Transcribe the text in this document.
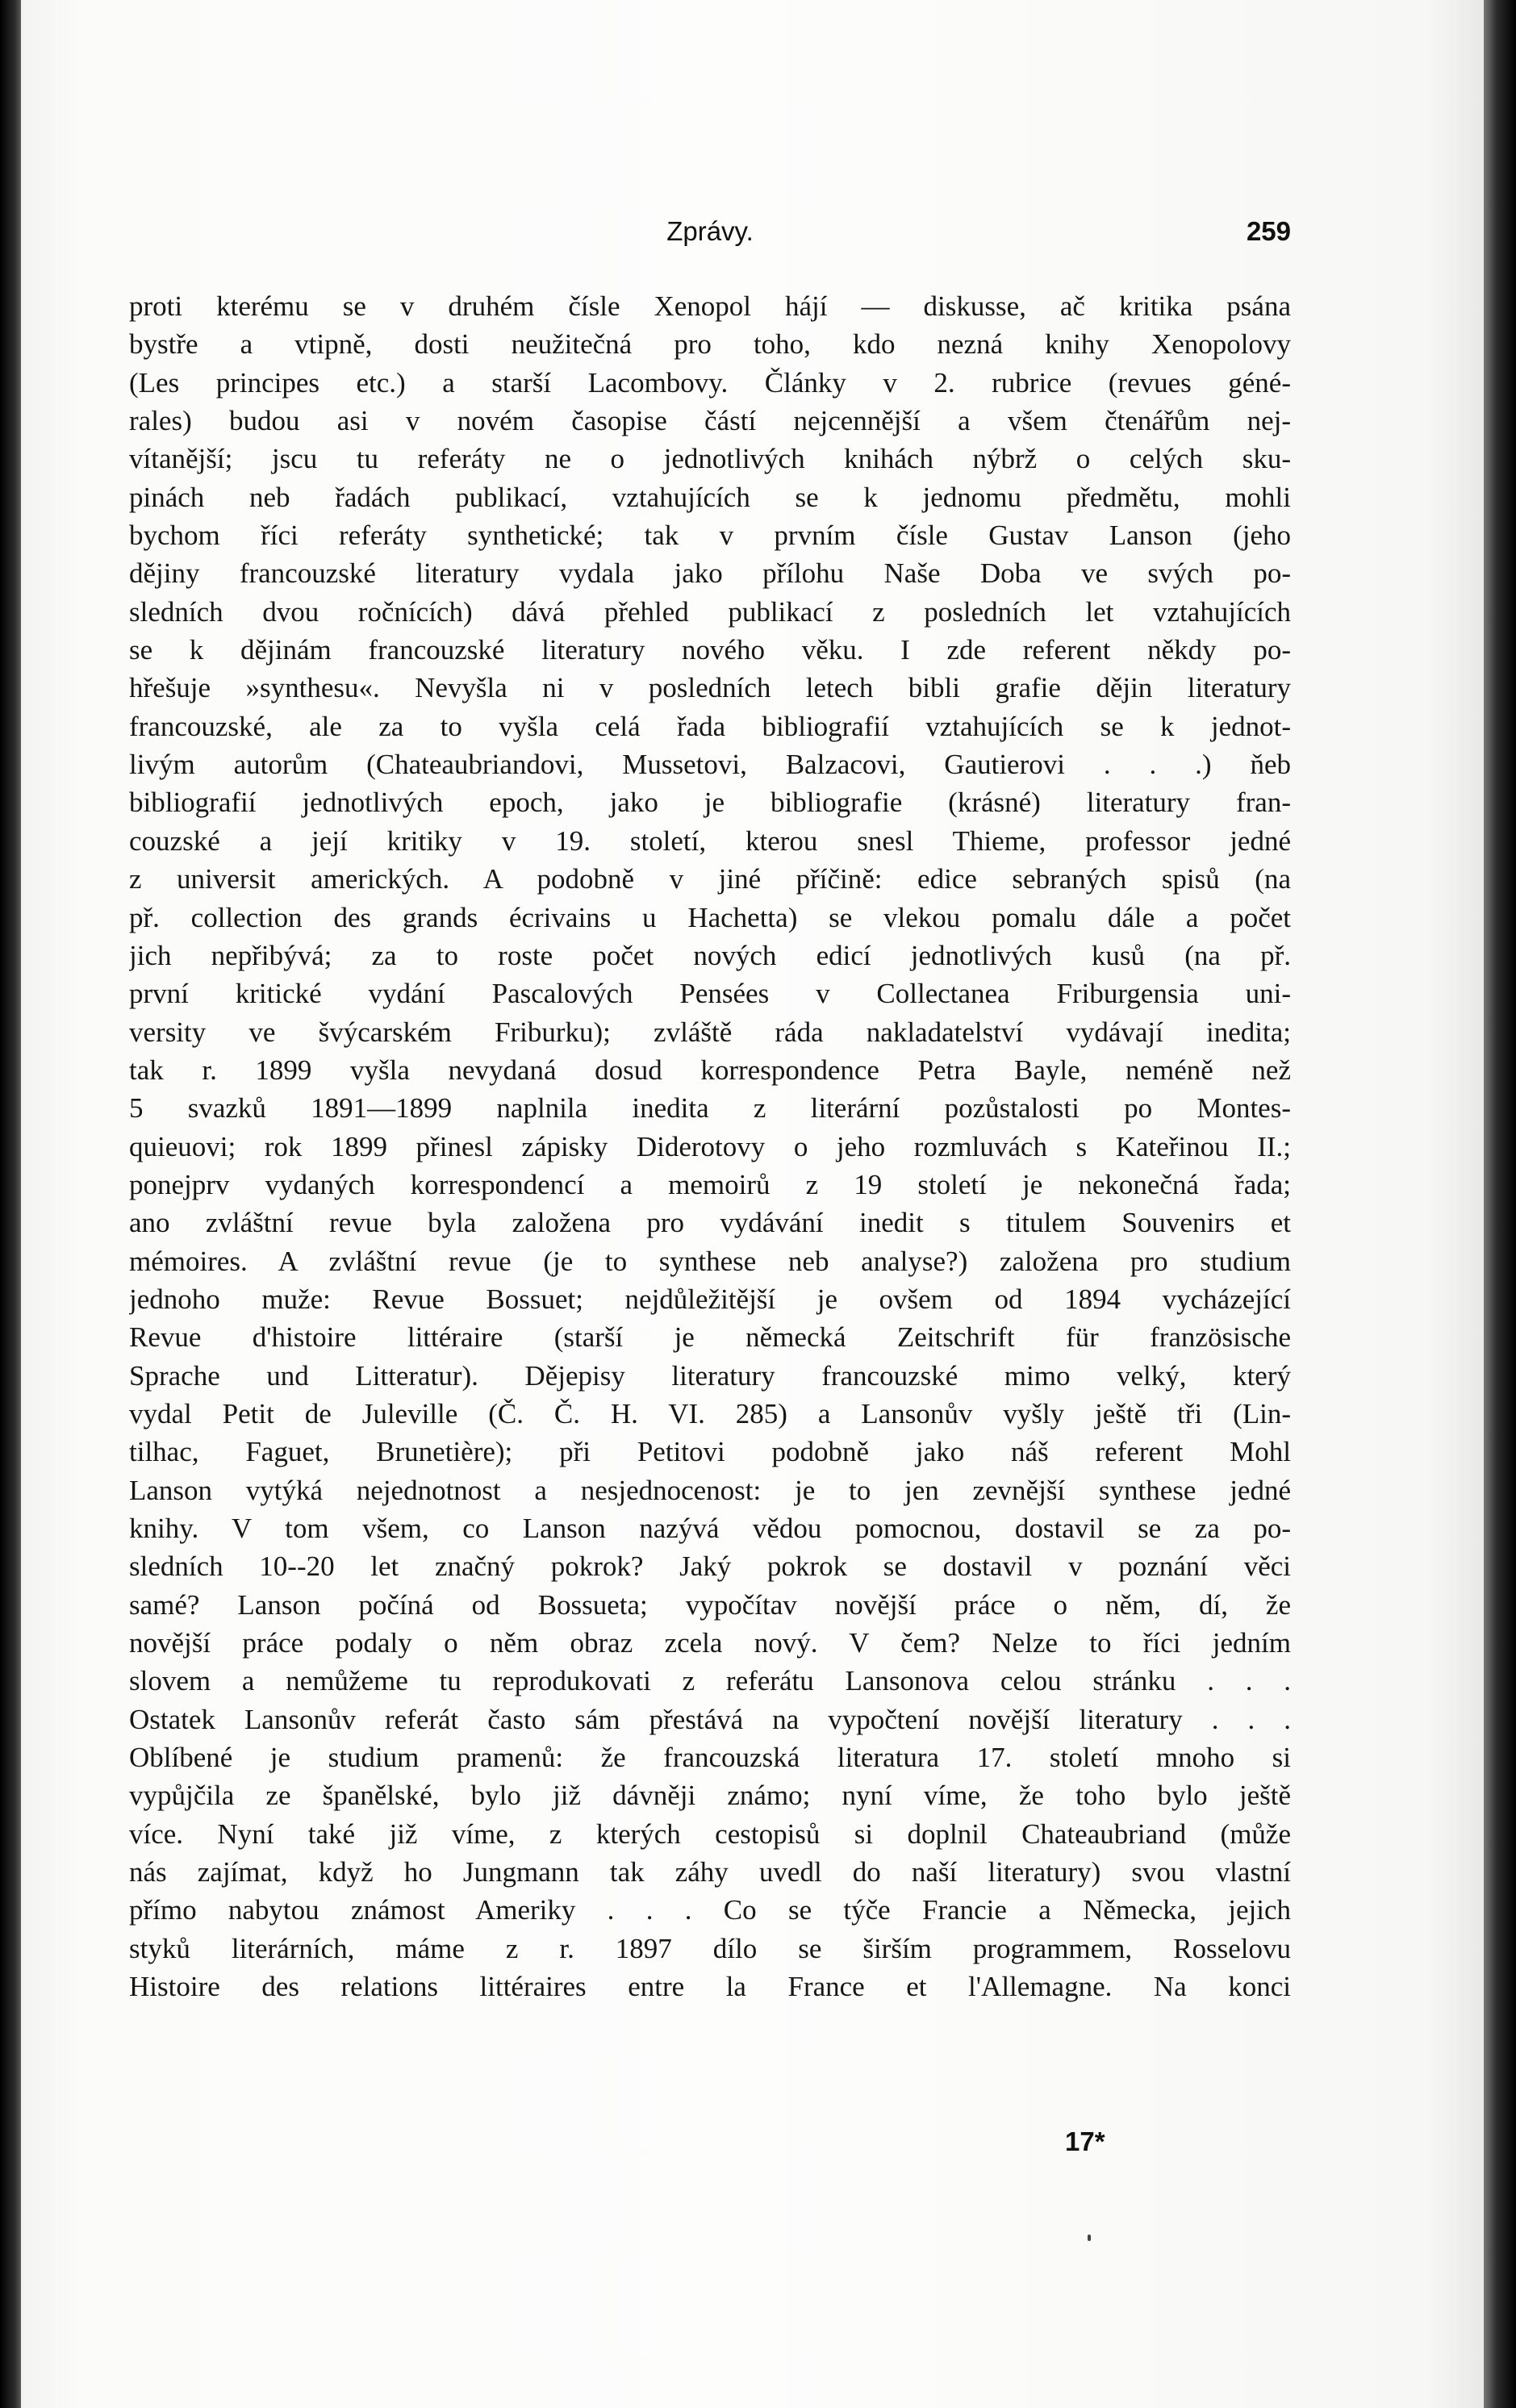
Zprávy.	259
proti kterému se v druhém čísle Xenopol hájí — diskusse, ač kritika psána
bystře a vtipně, dosti neužitečná pro toho, kdo nezná knihy Xenopolovy
(Les principes etc.) a starší Lacombovy. Články v 2. rubrice (revues géné-
rales) budou asi v novém časopise částí nejcennější a všem čtenářům nej-
vítanější; jscu tu referáty ne o jednotlivých knihách nýbrž o celých sku-
pinách neb řadách publikací, vztahujících se k jednomu předmětu, mohli
bychom říci referáty synthetické; tak v prvním čísle Gustav Lanson (jeho
dějiny francouzské literatury vydala jako přílohu Naše Doba ve svých po-
sledních dvou ročnících) dává přehled publikací z posledních let vztahujících
se k dějinám francouzské literatury nového věku. I zde referent někdy po-
hřešuje »synthesu«. Nevyšla ni v posledních letech bibli grafie dějin literatury
francouzské, ale za to vyšla celá řada bibliografií vztahujících se k jednot-
livým autorům (Chateaubriandovi, Mussetovi, Balzacovi, Gautierovi . . .) ňeb
bibliografií jednotlivých epoch, jako je bibliografie (krásné) literatury fran-
couzské a její kritiky v 19. století, kterou snesl Thieme, professor jedné
z universit amerických. A podobně v jiné příčině: edice sebraných spisů (na
př. collection des grands écrivains u Hachetta) se vlekou pomalu dále a počet
jich nepřibývá; za to roste počet nových edicí jednotlivých kusů (na př.
první kritické vydání Pascalových Pensées v Collectanea Friburgensia uni-
versity ve švýcarském Friburku); zvláště ráda nakladatelství vydávají inedita;
tak r. 1899 vyšla nevydaná dosud korrespondence Petra Bayle, neméně než
5 svazků 1891—1899 naplnila inedita z literární pozůstalosti po Montes-
quieuovi; rok 1899 přinesl zápisky Diderotovy o jeho rozmluvách s Kateřinou II.;
ponejprv vydaných korrespondencí a memoirů z 19 století je nekonečná řada;
ano zvláštní revue byla založena pro vydávání inedit s titulem Souvenirs et
mémoires. A zvláštní revue (je to synthese neb analyse?) založena pro studium
jednoho muže: Revue Bossuet; nejdůležitější je ovšem od 1894 vycházející
Revue d'histoire littéraire (starší je německá Zeitschrift für französische
Sprache und Litteratur). Dějepisy literatury francouzské mimo velký, který
vydal Petit de Juleville (Č. Č. H. VI. 285) a Lansonův vyšly ještě tři (Lin-
tilhac, Faguet, Brunetière); při Petitovi podobně jako náš referent Mohl
Lanson vytýká nejednotnost a nesjednocenost: je to jen zevnější synthese jedné
knihy. V tom všem, co Lanson nazývá vědou pomocnou, dostavil se za po-
sledních 10--20 let značný pokrok? Jaký pokrok se dostavil v poznání věci
samé? Lanson počíná od Bossueta; vypočítav novější práce o něm, dí, že
novější práce podaly o něm obraz zcela nový. V čem? Nelze to říci jedním
slovem a nemůžeme tu reprodukovati z referátu Lansonova celou stránku . . .
Ostatek Lansonův referát často sám přestává na vypočtení novější literatury . . .
Oblíbené je studium pramenů: že francouzská literatura 17. století mnoho si
vypůjčila ze španělské, bylo již dávněji známo; nyní víme, že toho bylo ještě
více. Nyní také již víme, z kterých cestopisů si doplnil Chateaubriand (může
nás zajímat, když ho Jungmann tak záhy uvedl do naší literatury) svou vlastní
přímo nabytou známost Ameriky . . . Co se týče Francie a Německa, jejich
styků literárních, máme z r. 1897 dílo se širším programmem, Rosselovu
Histoire des relations littéraires entre la France et l'Allemagne. Na konci
17*
